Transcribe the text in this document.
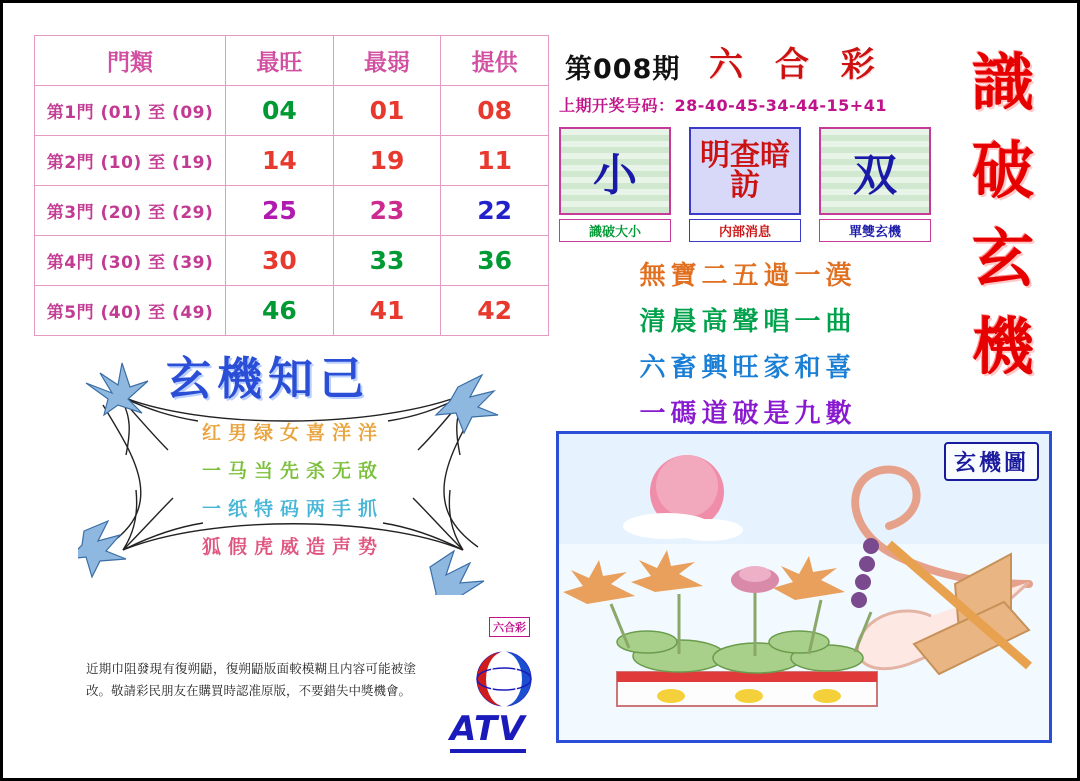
門類	最旺	最弱	提供
第1門 (01) 至 (09)	04	01	08
第2門 (10) 至 (19)	14	19	11
第3門 (20) 至 (29)	25	23	22
第4門 (30) 至 (39)	30	33	36
第5門 (40) 至 (49)	46	41	42
第008期 六 合 彩
上期开奖号码：28-40-45-34-44-15+41	識
破
玄
機
小
識破大小
明查暗訪
内部消息
双
單雙玄機
無寶二五過一漠
清晨高聲唱一曲
六畜興旺家和喜
一碼道破是九數
玄機知己
红男绿女喜洋洋
一马当先杀无敌
一纸特码两手抓
狐假虎威造声势
近期巾阻發現有復朔鼯，復朔鼯版面較模糊且内容可能被塗改。敬請彩民朋友在購買時認准原版，不要錯失中獎機會。
六合彩
ATV
玄機圖
